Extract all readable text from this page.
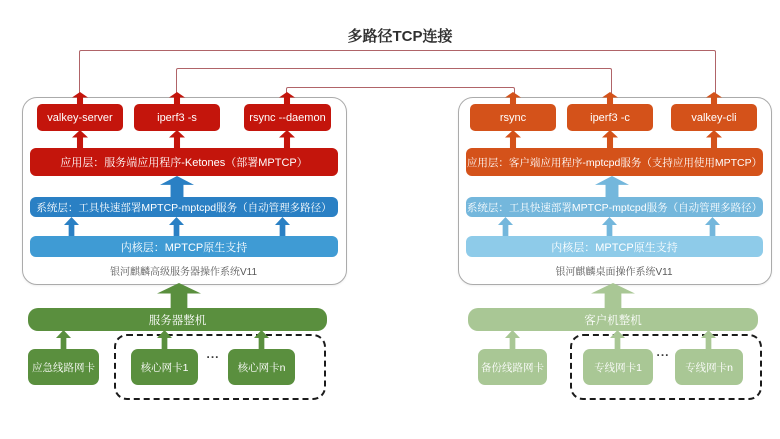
多路径TCP连接
valkey-server	iperf3 -s	rsync --daemon	rsync	iperf3 -c	valkey-cli
应用层：服务端应用程序-Ketones（部署MPTCP）	应用层：客户端应用程序-mptcpd服务（支持应用使用MPTCP）
系统层：工具快速部署MPTCP-mptcpd服务（自动管理多路径）	系统层：工具快速部署MPTCP-mptcpd服务（自动管理多路径）
内核层：MPTCP原生支持	内核层：MPTCP原生支持
银河麒麟高级服务器操作系统V11	银河麒麟桌面操作系统V11
服务器整机	客户机整机
应急线路网卡	核心网卡1	核心网卡n	备份线路网卡	专线网卡1	专线网卡n
...	...
